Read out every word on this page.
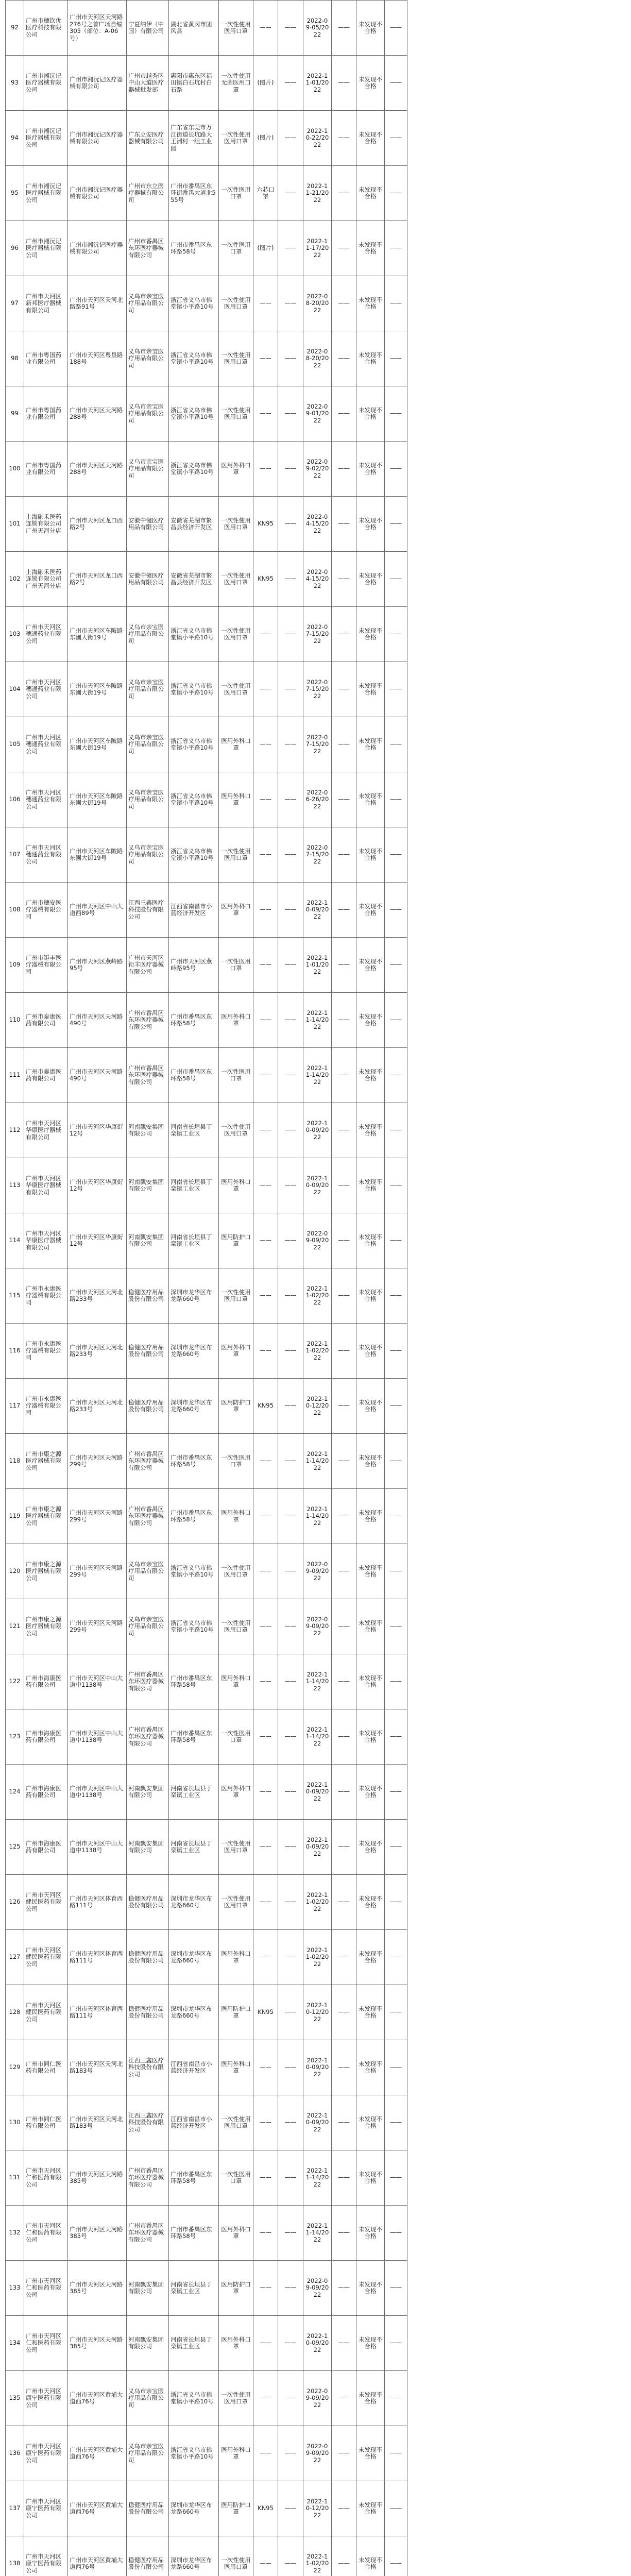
92	广州市穗钦优医疗科技有限公司	广州市天河区天河路276号之首广场自编305（部位：A-06号）	宁夏纳伊（中国）有限公司	湖北省黄冈市团风县	一次性使用医用口罩	——	——	2022-09-05/2022	——	未发现不合格	——
93	广州市湘沅记医疗器械有限公司	广州市湘沅记医疗器械有限公司	广州市越秀区中山大道医疗器械批发部	惠阳市惠东区福田镇白石坑村白石路	一次性使用无菌医用口罩	(图片)	——	2022-11-01/2022	——	未发现不合格	——
94	广州市湘沅记医疗器械有限公司	广州市湘沅记医疗器械有限公司	广东立安医疗器械有限公司	广东省东莞市万江街道长坑路大王洲村一组工业园	一次性使用医用口罩	(图片)	——	2022-10-22/2022	——	未发现不合格	——
95	广州市湘沅记医疗器械有限公司	广州市湘沅记医疗器械有限公司	广州市东立医疗器械有限公司	广州市番禺区东环街番禺大道北555号	一次性医用口罩	六芯口罩	——	2022-11-21/2022	——	未发现不合格	——
96	广州市湘沅记医疗器械有限公司	广州市湘沅记医疗器械有限公司	广州市番禺区东环医疗器械有限公司	广州市番禺区东环路58号	一次性医用口罩	(图片)	——	2022-11-17/2022	——	未发现不合格	——
97	广州市天河区新邦医疗器械有限公司	广州市天河区天河北路路91号	义乌市亲宝医疗用品有限公司	浙江省义乌市佛堂镇小平路10号	一次性使用医用口罩	——	——	2022-08-20/2022	——	未发现不合格	——
98	广州市粤国药业有限公司	广州市天河区粤垦路188号	义乌市亲宝医疗用品有限公司	浙江省义乌市佛堂镇小平路10号	一次性使用医用口罩	——	——	2022-08-20/2022	——	未发现不合格	——
99	广州市粤国药业有限公司	广州市天河区天河路288号	义乌市亲宝医疗用品有限公司	浙江省义乌市佛堂镇小平路10号	一次性使用医用口罩	——	——	2022-09-01/2022	——	未发现不合格	——
100	广州市粤国药业有限公司	广州市天河区天河路288号	义乌市亲宝医疗用品有限公司	浙江省义乌市佛堂镇小平路10号	医用外科口罩	——	——	2022-09-02/2022	——	未发现不合格	——
101	上海融禾医药连锁有限公司广州天河分店	广州市天河区龙口西路2号	安徽中健医疗用品有限公司	安徽省芜湖市繁昌县经济开发区	一次性使用医用口罩	KN95	——	2022-04-15/2022	——	未发现不合格	——
102	上海融禾医药连锁有限公司广州天河分店	广州市天河区龙口西路2号	安徽中健医疗用品有限公司	安徽省芜湖市繁昌县经济开发区	一次性使用医用口罩	KN95	——	2022-04-15/2022	——	未发现不合格	——
103	广州市天河区穗通药业有限公司	广州市天河区车陂路东圃大街19号	义乌市亲宝医疗用品有限公司	浙江省义乌市佛堂镇小平路10号	一次性使用医用口罩	——	——	2022-07-15/2022	——	未发现不合格	——
104	广州市天河区穗通药业有限公司	广州市天河区车陂路东圃大街19号	义乌市亲宝医疗用品有限公司	浙江省义乌市佛堂镇小平路10号	一次性使用医用口罩	——	——	2022-07-15/2022	——	未发现不合格	——
105	广州市天河区穗通药业有限公司	广州市天河区车陂路东圃大街19号	义乌市亲宝医疗用品有限公司	浙江省义乌市佛堂镇小平路10号	医用外科口罩	——	——	2022-07-15/2022	——	未发现不合格	——
106	广州市天河区穗通药业有限公司	广州市天河区车陂路东圃大街19号	义乌市亲宝医疗用品有限公司	浙江省义乌市佛堂镇小平路10号	医用外科口罩	——	——	2022-06-26/2022	——	未发现不合格	——
107	广州市天河区穗通药业有限公司	广州市天河区车陂路东圃大街19号	义乌市亲宝医疗用品有限公司	浙江省义乌市佛堂镇小平路10号	一次性使用医用口罩	——	——	2022-07-15/2022	——	未发现不合格	——
108	广州市穗安医疗器械有限公司	广州市天河区中山大道西89号	江西三鑫医疗科技股份有限公司	江西省南昌市小蓝经济开发区	医用外科口罩	——	——	2022-10-09/2022	——	未发现不合格	——
109	广州市钜丰医疗器械有限公司	广州市天河区燕岭路95号	广州市天河区钜丰医疗器械有限公司	广州市天河区燕岭路95号	一次性医用口罩	——	——	2022-11-01/2022	——	未发现不合格	——
110	广州市泰康医药有限公司	广州市天河区天河路490号	广州市番禺区东环医疗器械有限公司	广州市番禺区东环路58号	医用外科口罩	——	——	2022-11-14/2022	——	未发现不合格	——
111	广州市泰康医药有限公司	广州市天河区天河路490号	广州市番禺区东环医疗器械有限公司	广州市番禺区东环路58号	一次性医用口罩	——	——	2022-11-14/2022	——	未发现不合格	——
112	广州市天河区华康医疗器械有限公司	广州市天河区华康街12号	河南飘安集团有限公司	河南省长垣县丁栾镇工业区	一次性使用医用口罩	——	——	2022-10-09/2022	——	未发现不合格	——
113	广州市天河区华康医疗器械有限公司	广州市天河区华康街12号	河南飘安集团有限公司	河南省长垣县丁栾镇工业区	医用外科口罩	——	——	2022-10-09/2022	——	未发现不合格	——
114	广州市天河区华康医疗器械有限公司	广州市天河区华康街12号	河南飘安集团有限公司	河南省长垣县丁栾镇工业区	医用防护口罩	——	——	2022-09-09/2022	——	未发现不合格	——
115	广州市永康医疗器械有限公司	广州市天河区天河北路233号	稳健医疗用品股份有限公司	深圳市龙华区布龙路660号	一次性使用医用口罩	——	——	2022-11-02/2022	——	未发现不合格	——
116	广州市永康医疗器械有限公司	广州市天河区天河北路233号	稳健医疗用品股份有限公司	深圳市龙华区布龙路660号	医用外科口罩	——	——	2022-11-02/2022	——	未发现不合格	——
117	广州市永康医疗器械有限公司	广州市天河区天河北路233号	稳健医疗用品股份有限公司	深圳市龙华区布龙路660号	医用防护口罩	KN95	——	2022-10-12/2022	——	未发现不合格	——
118	广州市康之源医疗器械有限公司	广州市天河区天河路299号	广州市番禺区东环医疗器械有限公司	广州市番禺区东环路58号	一次性医用口罩	——	——	2022-11-14/2022	——	未发现不合格	——
119	广州市康之源医疗器械有限公司	广州市天河区天河路299号	广州市番禺区东环医疗器械有限公司	广州市番禺区东环路58号	医用外科口罩	——	——	2022-11-14/2022	——	未发现不合格	——
120	广州市康之源医疗器械有限公司	广州市天河区天河路299号	义乌市亲宝医疗用品有限公司	浙江省义乌市佛堂镇小平路10号	一次性使用医用口罩	——	——	2022-09-09/2022	——	未发现不合格	——
121	广州市康之源医疗器械有限公司	广州市天河区天河路299号	义乌市亲宝医疗用品有限公司	浙江省义乌市佛堂镇小平路10号	一次性使用医用口罩	——	——	2022-09-09/2022	——	未发现不合格	——
122	广州市海康医药有限公司	广州市天河区中山大道中1138号	广州市番禺区东环医疗器械有限公司	广州市番禺区东环路58号	医用外科口罩	——	——	2022-11-14/2022	——	未发现不合格	——
123	广州市海康医药有限公司	广州市天河区中山大道中1138号	广州市番禺区东环医疗器械有限公司	广州市番禺区东环路58号	一次性医用口罩	——	——	2022-11-14/2022	——	未发现不合格	——
124	广州市海康医药有限公司	广州市天河区中山大道中1138号	河南飘安集团有限公司	河南省长垣县丁栾镇工业区	医用外科口罩	——	——	2022-10-09/2022	——	未发现不合格	——
125	广州市海康医药有限公司	广州市天河区中山大道中1138号	河南飘安集团有限公司	河南省长垣县丁栾镇工业区	一次性使用医用口罩	——	——	2022-10-09/2022	——	未发现不合格	——
126	广州市天河区健民医药有限公司	广州市天河区体育西路111号	稳健医疗用品股份有限公司	深圳市龙华区布龙路660号	一次性使用医用口罩	——	——	2022-11-02/2022	——	未发现不合格	——
127	广州市天河区健民医药有限公司	广州市天河区体育西路111号	稳健医疗用品股份有限公司	深圳市龙华区布龙路660号	医用外科口罩	——	——	2022-11-02/2022	——	未发现不合格	——
128	广州市天河区健民医药有限公司	广州市天河区体育西路111号	稳健医疗用品股份有限公司	深圳市龙华区布龙路660号	医用防护口罩	KN95	——	2022-10-12/2022	——	未发现不合格	——
129	广州市同仁医药有限公司	广州市天河区天河北路183号	江西三鑫医疗科技股份有限公司	江西省南昌市小蓝经济开发区	医用外科口罩	——	——	2022-10-09/2022	——	未发现不合格	——
130	广州市同仁医药有限公司	广州市天河区天河北路183号	江西三鑫医疗科技股份有限公司	江西省南昌市小蓝经济开发区	一次性使用医用口罩	——	——	2022-10-09/2022	——	未发现不合格	——
131	广州市天河区仁和医药有限公司	广州市天河区天河路385号	广州市番禺区东环医疗器械有限公司	广州市番禺区东环路58号	一次性医用口罩	——	——	2022-11-14/2022	——	未发现不合格	——
132	广州市天河区仁和医药有限公司	广州市天河区天河路385号	广州市番禺区东环医疗器械有限公司	广州市番禺区东环路58号	医用外科口罩	——	——	2022-11-14/2022	——	未发现不合格	——
133	广州市天河区仁和医药有限公司	广州市天河区天河路385号	河南飘安集团有限公司	河南省长垣县丁栾镇工业区	医用防护口罩	——	——	2022-09-09/2022	——	未发现不合格	——
134	广州市天河区仁和医药有限公司	广州市天河区天河路385号	河南飘安集团有限公司	河南省长垣县丁栾镇工业区	医用外科口罩	——	——	2022-10-09/2022	——	未发现不合格	——
135	广州市天河区康宁医药有限公司	广州市天河区黄埔大道西76号	义乌市亲宝医疗用品有限公司	浙江省义乌市佛堂镇小平路10号	一次性使用医用口罩	——	——	2022-09-09/2022	——	未发现不合格	——
136	广州市天河区康宁医药有限公司	广州市天河区黄埔大道西76号	义乌市亲宝医疗用品有限公司	浙江省义乌市佛堂镇小平路10号	医用外科口罩	——	——	2022-09-09/2022	——	未发现不合格	——
137	广州市天河区康宁医药有限公司	广州市天河区黄埔大道西76号	稳健医疗用品股份有限公司	深圳市龙华区布龙路660号	医用防护口罩	KN95	——	2022-10-12/2022	——	未发现不合格	——
138	广州市天河区康宁医药有限公司	广州市天河区黄埔大道西76号	稳健医疗用品股份有限公司	深圳市龙华区布龙路660号	一次性使用医用口罩	——	——	2022-11-02/2022	——	未发现不合格	——
